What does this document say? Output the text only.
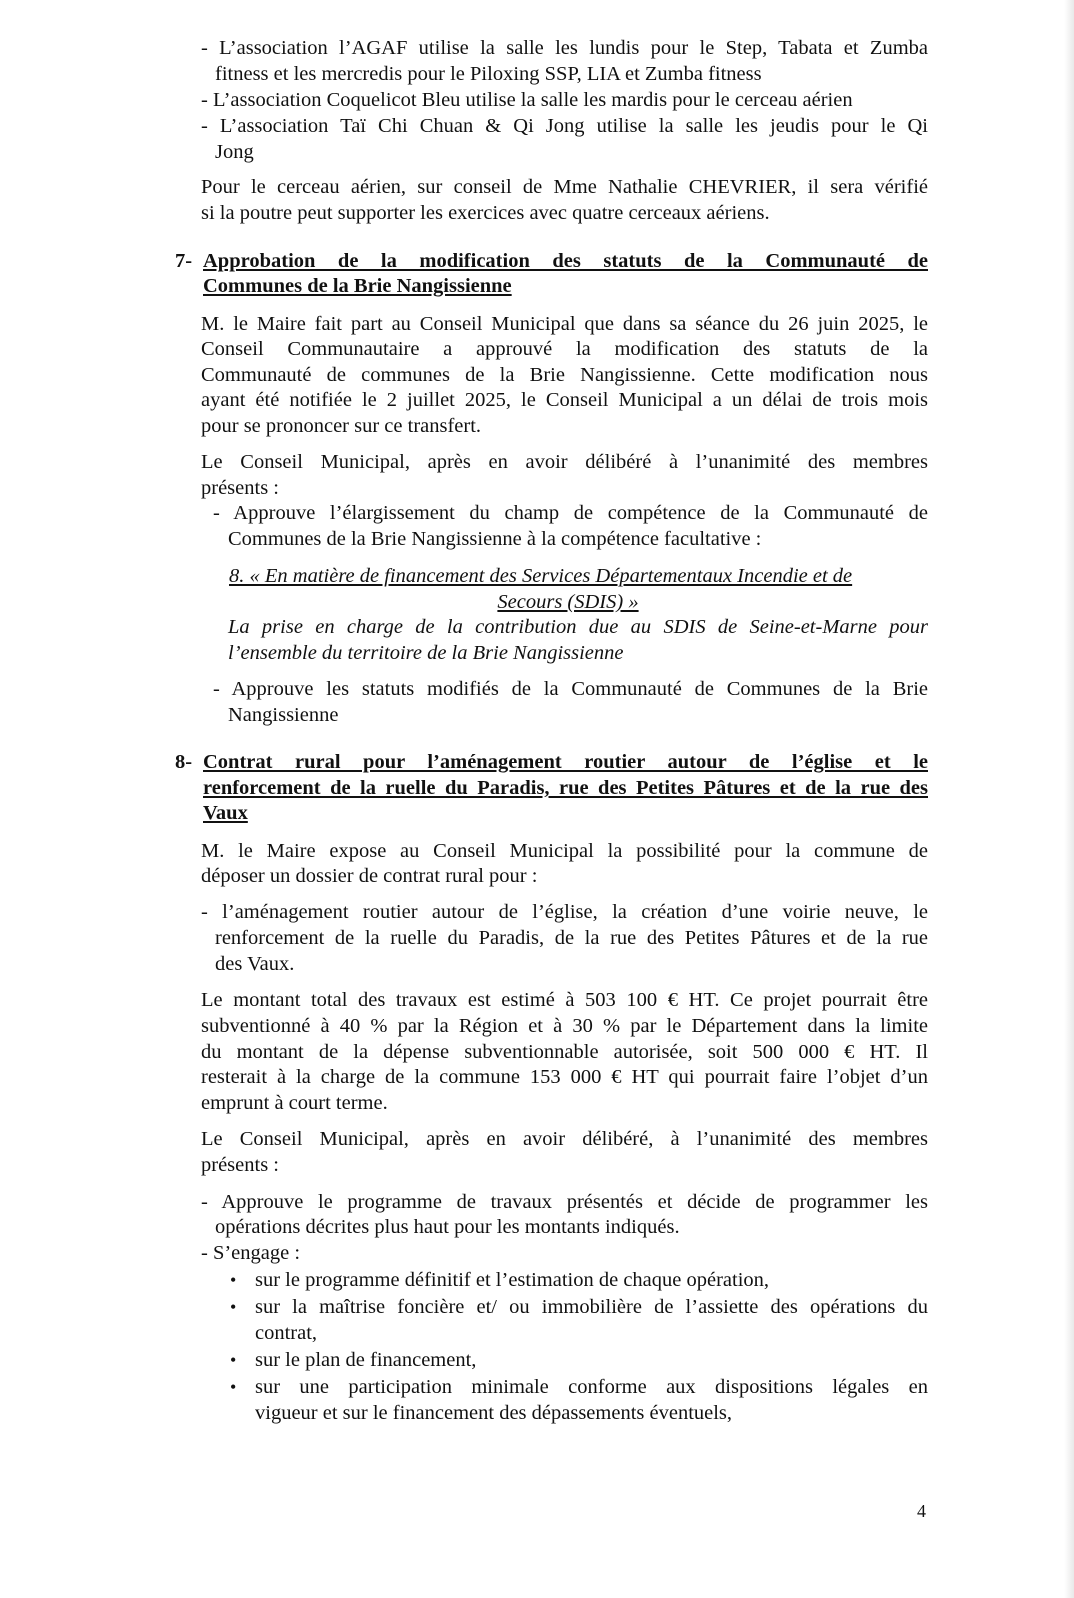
- L’association l’AGAF utilise la salle les lundis pour le Step, Tabata et Zumba
fitness et les mercredis pour le Piloxing SSP, LIA et Zumba fitness
- L’association Coquelicot Bleu utilise la salle les mardis pour le cerceau aérien
- L’association Taï Chi Chuan & Qi Jong utilise la salle les jeudis pour le Qi
Jong
Pour le cerceau aérien, sur conseil de Mme Nathalie CHEVRIER, il sera vérifié
si la poutre peut supporter les exercices avec quatre cerceaux aériens.
7- Approbation de la modification des statuts de la Communauté de
Communes de la Brie Nangissienne
M. le Maire fait part au Conseil Municipal que dans sa séance du 26 juin 2025, le
Conseil Communautaire a approuvé la modification des statuts de la
Communauté de communes de la Brie Nangissienne. Cette modification nous
ayant été notifiée le 2 juillet 2025, le Conseil Municipal a un délai de trois mois
pour se prononcer sur ce transfert.
Le Conseil Municipal, après en avoir délibéré à l’unanimité des membres
présents :
- Approuve l’élargissement du champ de compétence de la Communauté de
Communes de la Brie Nangissienne à la compétence facultative :
8. « En matière de financement des Services Départementaux Incendie et de
Secours (SDIS) »
La prise en charge de la contribution due au SDIS de Seine-et-Marne pour
l’ensemble du territoire de la Brie Nangissienne
- Approuve les statuts modifiés de la Communauté de Communes de la Brie
Nangissienne
8- Contrat rural pour l’aménagement routier autour de l’église et le
renforcement de la ruelle du Paradis, rue des Petites Pâtures et de la rue des
Vaux
M. le Maire expose au Conseil Municipal la possibilité pour la commune de
déposer un dossier de contrat rural pour :
- l’aménagement routier autour de l’église, la création d’une voirie neuve, le
renforcement de la ruelle du Paradis, de la rue des Petites Pâtures et de la rue
des Vaux.
Le montant total des travaux est estimé à 503 100 € HT. Ce projet pourrait être
subventionné à 40 % par la Région et à 30 % par le Département dans la limite
du montant de la dépense subventionnable autorisée, soit 500 000 € HT. Il
resterait à la charge de la commune 153 000 € HT qui pourrait faire l’objet d’un
emprunt à court terme.
Le Conseil Municipal, après en avoir délibéré, à l’unanimité des membres
présents :
- Approuve le programme de travaux présentés et décide de programmer les
opérations décrites plus haut pour les montants indiqués.
- S’engage :
• sur le programme définitif et l’estimation de chaque opération,
• sur la maîtrise foncière et/ ou immobilière de l’assiette des opérations du
contrat,
• sur le plan de financement,
• sur une participation minimale conforme aux dispositions légales en
vigueur et sur le financement des dépassements éventuels,
4
